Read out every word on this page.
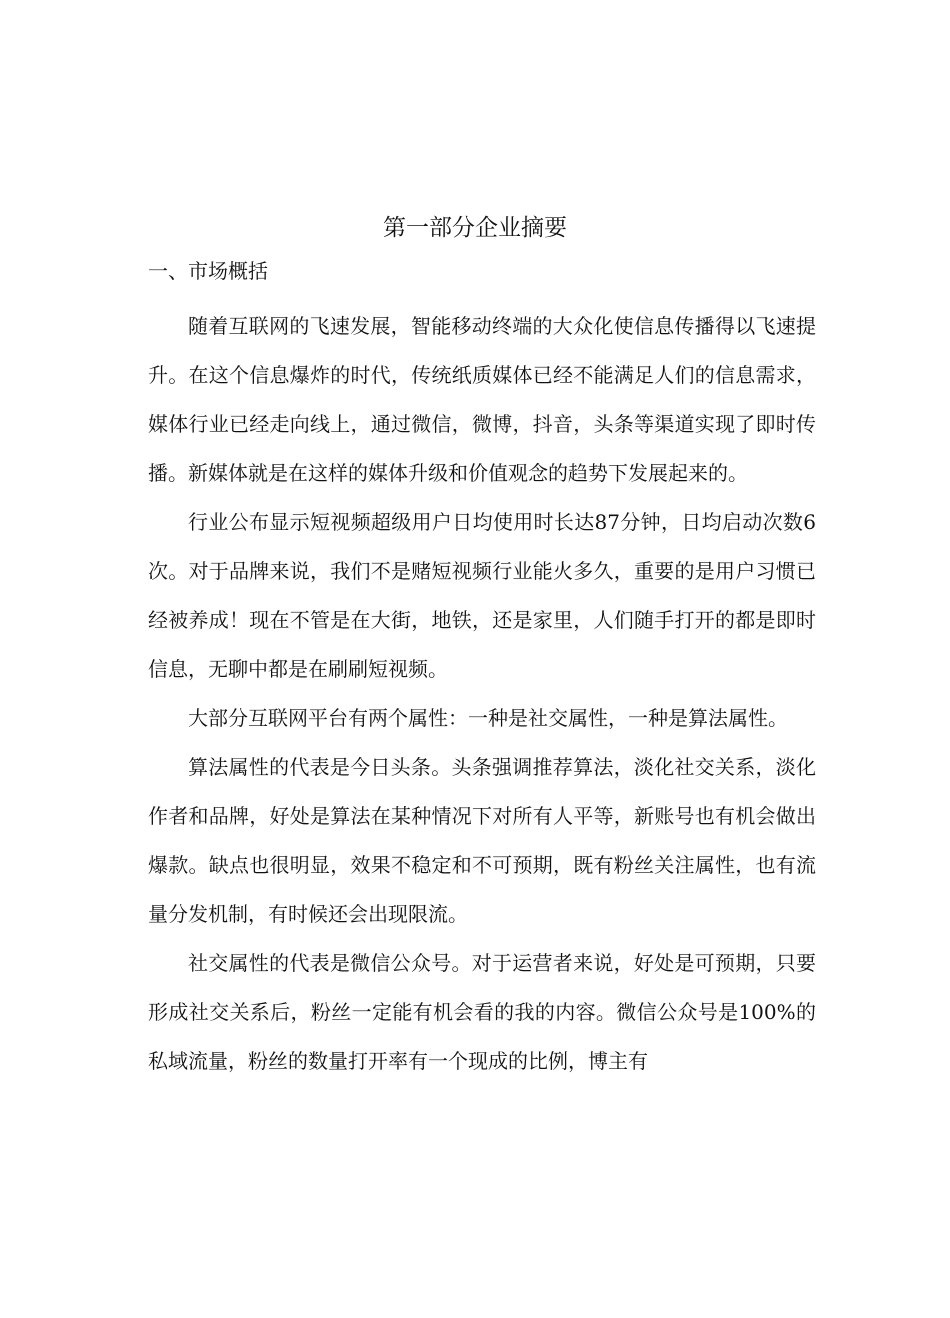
第一部分企业摘要
一、市场概括

随着互联网的飞速发展，智能移动终端的大众化使信息传播得以飞速提升。在这个信息爆炸的时代，传统纸质媒体已经不能满足人们的信息需求，媒体行业已经走向线上，通过微信，微博，抖音，头条等渠道实现了即时传播。新媒体就是在这样的媒体升级和价值观念的趋势下发展起来的。

行业公布显示短视频超级用户日均使用时长达87分钟，日均启动次数6次。对于品牌来说，我们不是赌短视频行业能火多久，重要的是用户习惯已经被养成！现在不管是在大街，地铁，还是家里，人们随手打开的都是即时信息，无聊中都是在刷刷短视频。

大部分互联网平台有两个属性：一种是社交属性，一种是算法属性。

算法属性的代表是今日头条。头条强调推荐算法，淡化社交关系，淡化作者和品牌，好处是算法在某种情况下对所有人平等，新账号也有机会做出爆款。缺点也很明显，效果不稳定和不可预期，既有粉丝关注属性，也有流量分发机制，有时候还会出现限流。

社交属性的代表是微信公众号。对于运营者来说，好处是可预期，只要形成社交关系后，粉丝一定能有机会看的我的内容。微信公众号是100%的私域流量，粉丝的数量打开率有一个现成的比例，博主有
